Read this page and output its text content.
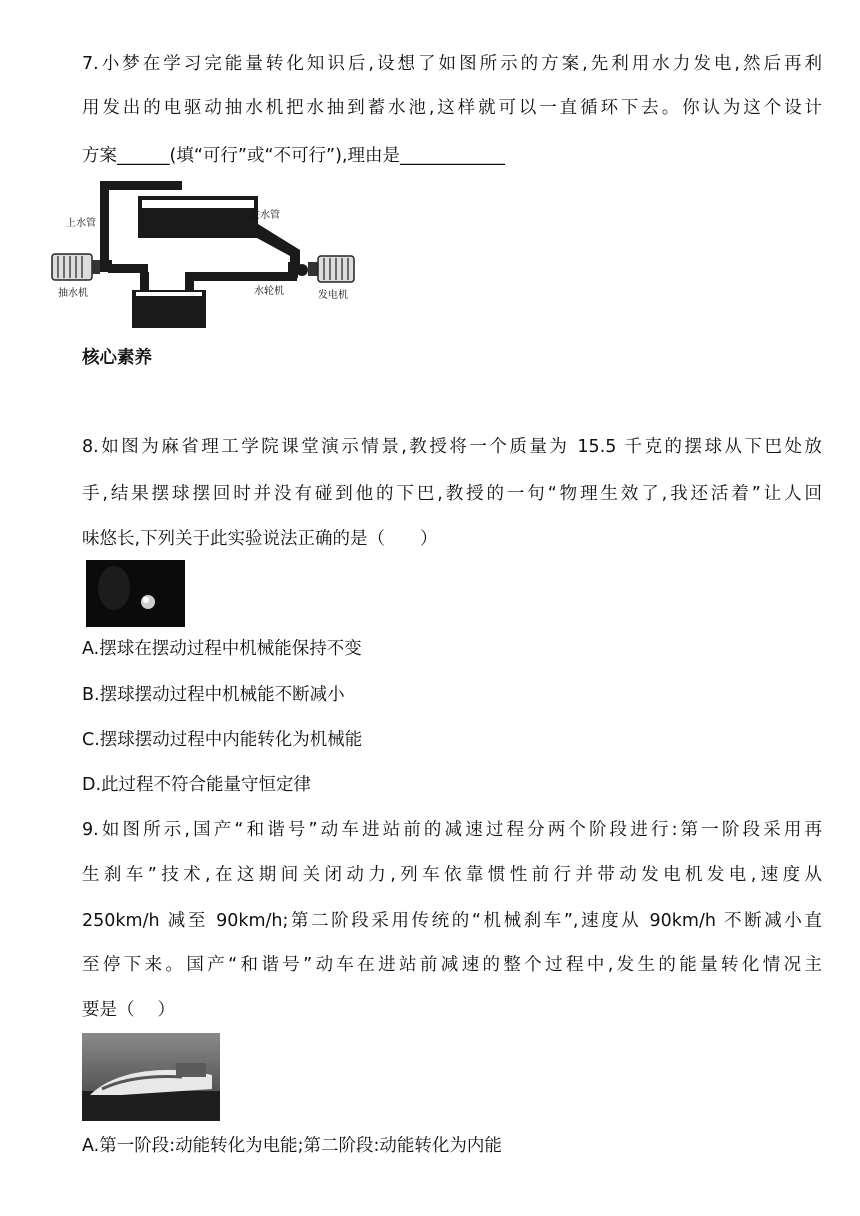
7.小梦在学习完能量转化知识后,设想了如图所示的方案,先利用水力发电,然后再利
用发出的电驱动抽水机把水抽到蓄水池,这样就可以一直循环下去。你认为这个设计
方案______(填“可行”或“不可行”),理由是____________
上水管
进水管
抽水机	水轮机	发电机
核心素养
8.如图为麻省理工学院课堂演示情景,教授将一个质量为 15.5 千克的摆球从下巴处放
手,结果摆球摆回时并没有碰到他的下巴,教授的一句“物理生效了,我还活着”让人回
味悠长,下列关于此实验说法正确的是（　　）
A.摆球在摆动过程中机械能保持不变
B.摆球摆动过程中机械能不断减小
C.摆球摆动过程中内能转化为机械能
D.此过程不符合能量守恒定律
9.如图所示,国产“和谐号”动车进站前的减速过程分两个阶段进行:第一阶段采用再
生刹车”技术,在这期间关闭动力,列车依靠惯性前行并带动发电机发电,速度从
250km/h 减至 90km/h;第二阶段采用传统的“机械刹车”,速度从 90km/h 不断减小直
至停下来。国产“和谐号”动车在进站前减速的整个过程中,发生的能量转化情况主
要是（　 ）
A.第一阶段:动能转化为电能;第二阶段:动能转化为内能
